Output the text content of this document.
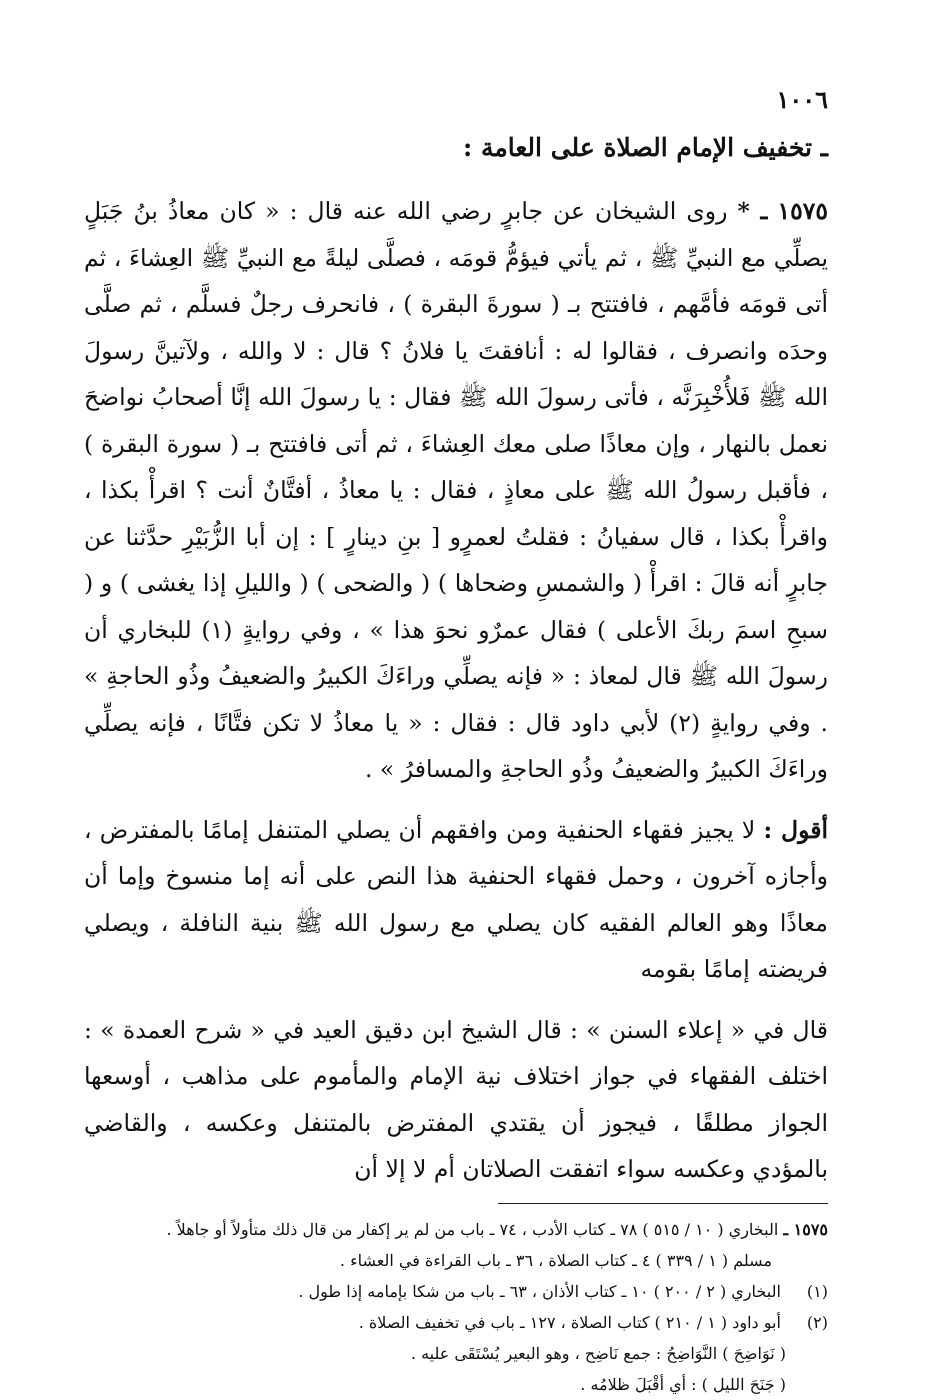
١٠٠٦
ـ تخفيف الإمام الصلاة على العامة :

١٥٧٥ ـ * روى الشيخان عن جابرٍ رضي الله عنه قال : « كان معاذُ بنُ جَبَلٍ يصلِّي مع النبيِّ ﷺ ، ثم يأتي فيؤمُّ قومَه ، فصلَّى ليلةً مع النبيِّ ﷺ العِشاءَ ، ثم أتى قومَه فأمَّهم ، فافتتح بـ ( سورةَ البقرة ) ، فانحرف رجلٌ فسلَّم ، ثم صلَّى وحدَه وانصرف ، فقالوا له : أنافقتَ يا فلانُ ؟ قال : لا والله ، ولآتينَّ رسولَ الله ﷺ فَلأُخْبِرَنَّه ، فأتى رسولَ الله ﷺ فقال : يا رسولَ الله إنَّا أصحابُ نواضحَ نعمل بالنهار ، وإن معاذًا صلى معك العِشاءَ ، ثم أتى فافتتح بـ ( سورة البقرة ) ، فأقبل رسولُ الله ﷺ على معاذٍ ، فقال : يا معاذُ ، أفتَّانٌ أنت ؟ اقرأْ بكذا ، واقرأْ بكذا ، قال سفيانُ : فقلتُ لعمرٍو [ بنِ دينارٍ ] : إن أبا الزُّبَيْرِ حدَّثنا عن جابرٍ أنه قالَ : اقرأْ ( والشمسِ وضحاها ) ( والضحى ) ( والليلِ إذا يغشى ) و ( سبحِ اسمَ ربكَ الأعلى ) فقال عمرٌو نحوَ هذا » ، وفي روايةٍ (١) للبخاري أن رسولَ الله ﷺ قال لمعاذ : « فإنه يصلِّي وراءَكَ الكبيرُ والضعيفُ وذُو الحاجةِ » . وفي روايةٍ (٢) لأبي داود قال : فقال : « يا معاذُ لا تكن فتَّانًا ، فإنه يصلِّي وراءَكَ الكبيرُ والضعيفُ وذُو الحاجةِ والمسافرُ » .

أقول : لا يجيز فقهاء الحنفية ومن وافقهم أن يصلي المتنفل إمامًا بالمفترض ، وأجازه آخرون ، وحمل فقهاء الحنفية هذا النص على أنه إما منسوخ وإما أن معاذًا وهو العالم الفقيه كان يصلي مع رسول الله ﷺ بنية النافلة ، ويصلي فريضته إمامًا بقومه

قال في « إعلاء السنن » : قال الشيخ ابن دقيق العيد في « شرح العمدة » : اختلف الفقهاء في جواز اختلاف نية الإمام والمأموم على مذاهب ، أوسعها الجواز مطلقًا ، فيجوز أن يقتدي المفترض بالمتنفل وعكسه ، والقاضي بالمؤدي وعكسه سواء اتفقت الصلاتان أم لا إلا أن

١٥٧٥ ـ البخاري ( ١٠ / ٥١٥ ) ٧٨ ـ كتاب الأدب ، ٧٤ ـ باب من لم ير إكفار من قال ذلك متأولاً أو جاهلاً .
مسلم ( ١ / ٣٣٩ ) ٤ ـ كتاب الصلاة ، ٣٦ ـ باب القراءة في العشاء .
(١) البخاري ( ٢ / ٢٠٠ ) ١٠ ـ كتاب الأذان ، ٦٣ ـ باب من شكا بإمامه إذا طول .
(٢) أبو داود ( ١ / ٢١٠ ) كتاب الصلاة ، ١٢٧ ـ باب في تخفيف الصلاة .
( نَوَاضِحَ ) النَّوَاضِحُ : جمع نَاضِح ، وهو البعير يُسْتَقَى عليه .
( جَنَحَ الليل ) : أي أقْبَلَ ظلامُه .
